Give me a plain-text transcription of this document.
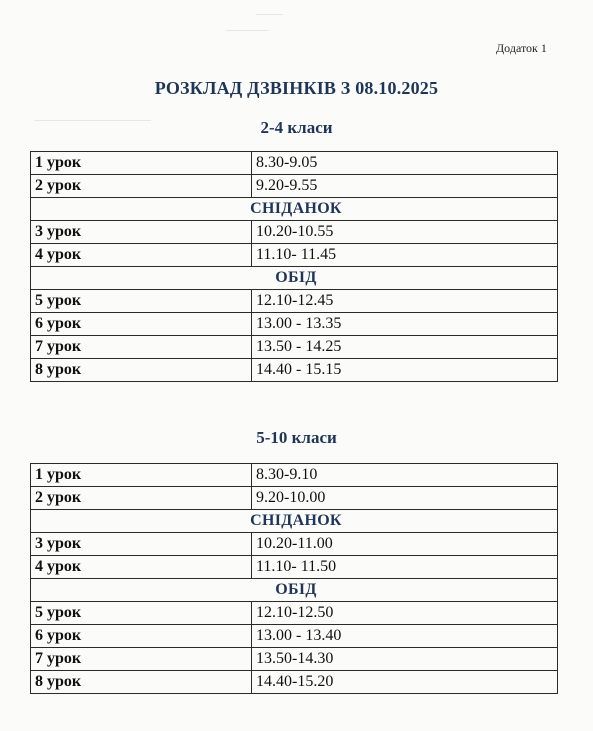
‾‾‾‾‾‾‾‾‾
‾‾‾‾‾‾‾‾‾‾‾‾‾‾
‾‾‾‾‾‾‾‾‾‾‾‾‾‾‾‾‾‾‾‾‾‾‾‾‾‾‾‾‾‾‾‾‾‾‾‾‾‾‾
Додаток 1
РОЗКЛАД ДЗВІНКІВ З 08.10.2025
2-4 класи
1 урок	8.30-9.05
2 урок	9.20-9.55
СНІДАНОК	
3 урок	10.20-10.55
4 урок	11.10- 11.45
ОБІД	
5 урок	12.10-12.45
6 урок	13.00 - 13.35
7 урок	13.50 - 14.25
8 урок	14.40 - 15.15
5-10 класи
1 урок	8.30-9.10
2 урок	9.20-10.00
СНІДАНОК	
3 урок	10.20-11.00
4 урок	11.10- 11.50
ОБІД	
5 урок	12.10-12.50
6 урок	13.00 - 13.40
7 урок	13.50-14.30
8 урок	14.40-15.20
